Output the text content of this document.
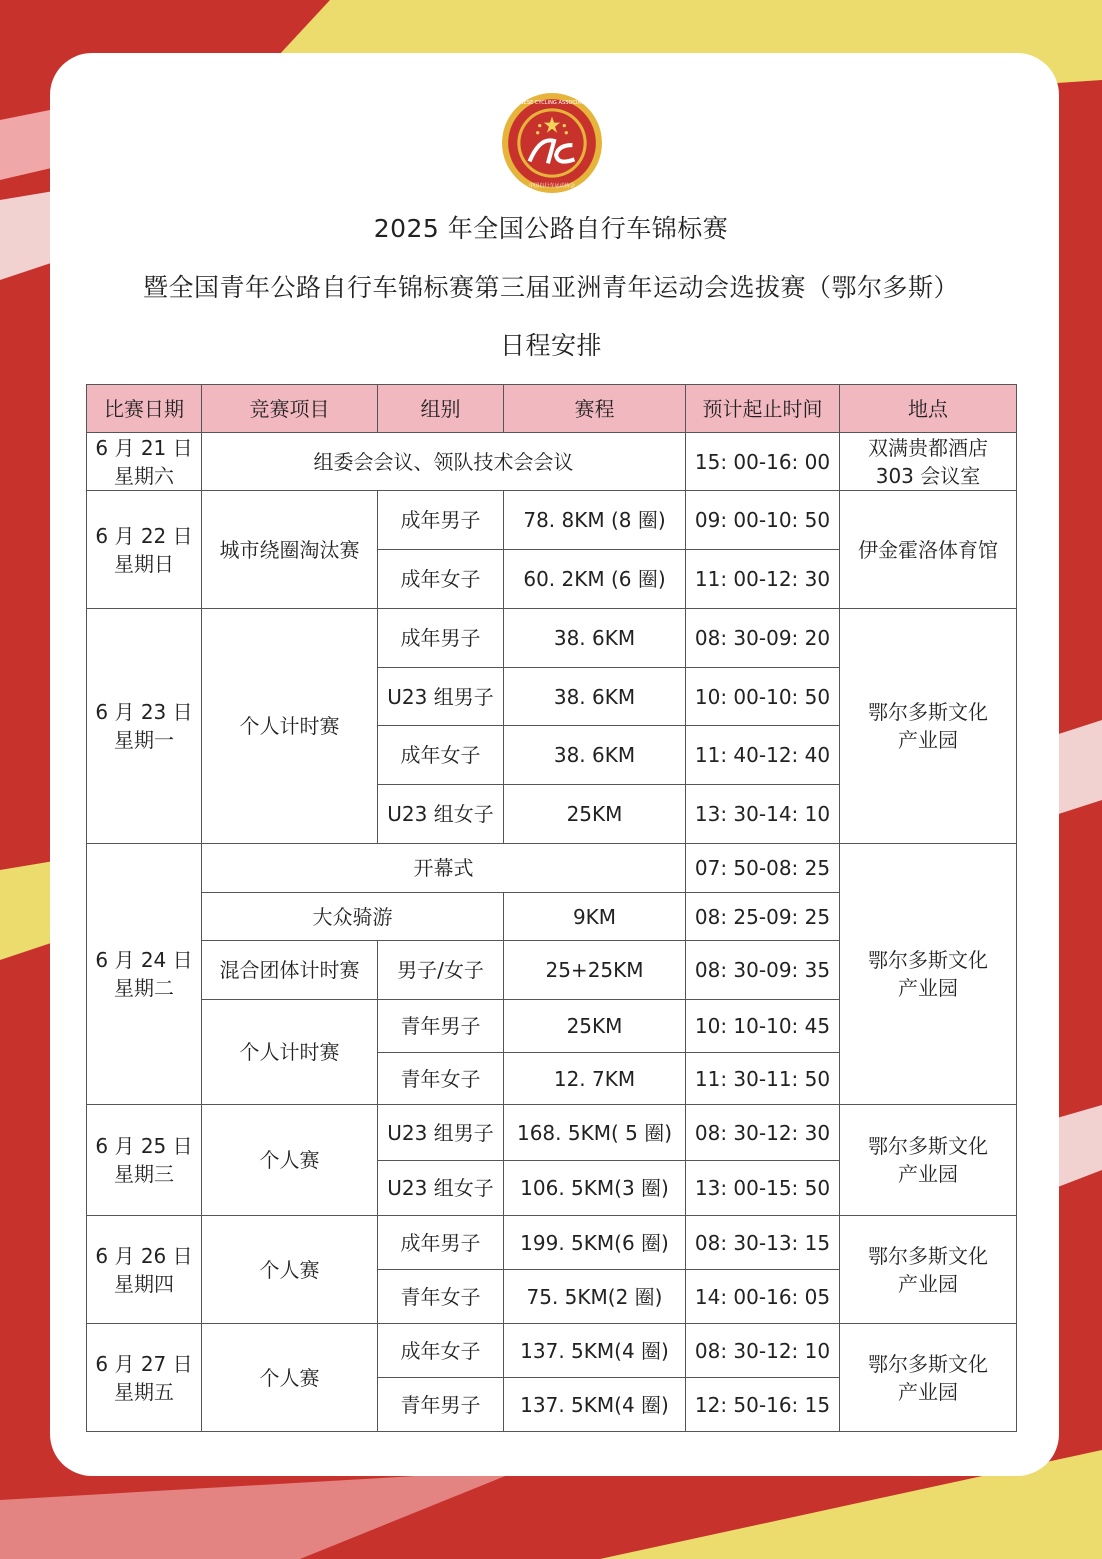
CHINESE CYCLING ASSOCIATION
中国自行车运动协会
2025 年全国公路自行车锦标赛
暨全国青年公路自行车锦标赛第三届亚洲青年运动会选拔赛（鄂尔多斯）
日程安排
比赛日期	竞赛项目	组别	赛程	预计起止时间	地点

6 月 21 日
星期六	组委会会议、领队技术会会议			15: 00-16: 00	双满贵都酒店
303 会议室

6 月 22 日
星期日	城市绕圈淘汰赛	成年男子	78. 8KM (8 圈)	09: 00-10: 50	伊金霍洛体育馆
		成年女子	60. 2KM (6 圈)	11: 00-12: 30	

6 月 23 日
星期一	个人计时赛	成年男子	38. 6KM	08: 30-09: 20	鄂尔多斯文化
产业园

		U23 组男子	38. 6KM	10: 00-10: 50	
		成年女子	38. 6KM	11: 40-12: 40	
		U23 组女子	25KM	13: 30-14: 10	

6 月 24 日
星期二	开幕式			07: 50-08: 25	鄂尔多斯文化
产业园

	大众骑游		9KM	08: 25-09: 25	
	混合团体计时赛	男子/女子	25+25KM	08: 30-09: 35	
	个人计时赛	青年男子	25KM	10: 10-10: 45	
		青年女子	12. 7KM	11: 30-11: 50	

6 月 25 日
星期三	个人赛	U23 组男子	168. 5KM( 5 圈)	08: 30-12: 30	鄂尔多斯文化
产业园

		U23 组女子	106. 5KM(3 圈)	13: 00-15: 50	

6 月 26 日
星期四	个人赛	成年男子	199. 5KM(6 圈)	08: 30-13: 15	鄂尔多斯文化
产业园

		青年女子	75. 5KM(2 圈)	14: 00-16: 05	

6 月 27 日
星期五	个人赛	成年女子	137. 5KM(4 圈)	08: 30-12: 10	鄂尔多斯文化
产业园

		青年男子	137. 5KM(4 圈)	12: 50-16: 15	
